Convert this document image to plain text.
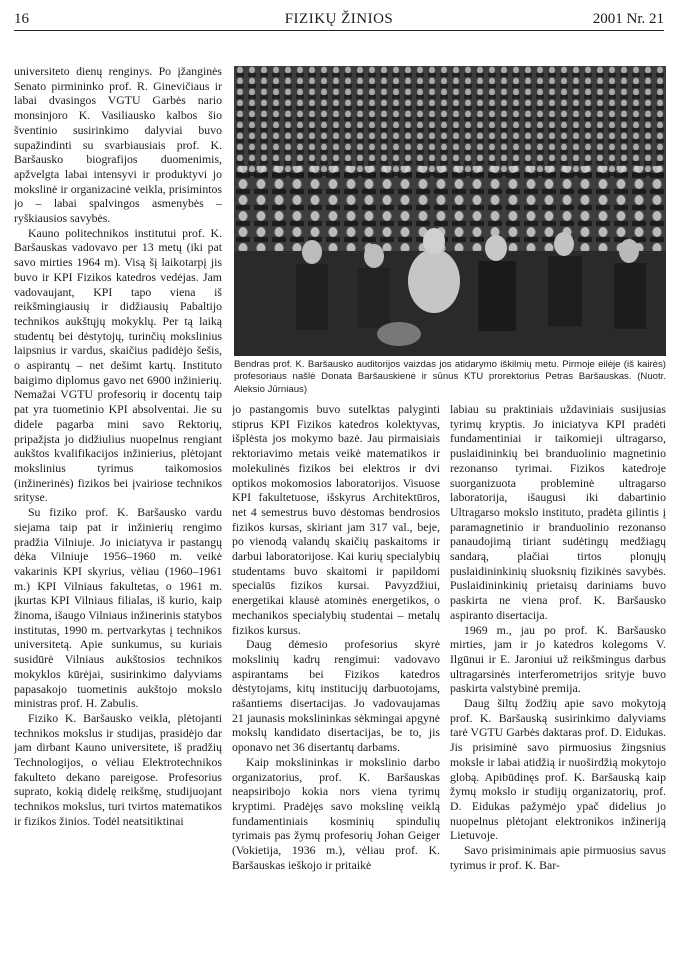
16	FIZIKŲ ŽINIOS	2001 Nr. 21

universiteto dienų renginys. Po įžanginės Senato pirmininko prof. R. Ginevičiaus ir labai dvasingos VGTU Garbės nario monsinjoro K. Vasiliausko kalbos šio šventinio susirinkimo dalyviai buvo supažindinti su svarbiausiais prof. K. Baršausko biografijos duomenimis, apžvelgta labai intensyvi ir produktyvi jo mokslinė ir organizacinė veikla, prisimintos jo – labai spalvingos asmenybės – ryškiausios savybės.

Kauno politechnikos institutui prof. K. Baršauskas vadovavo per 13 metų (iki pat savo mirties 1964 m). Visą šį laikotarpį jis buvo ir KPI Fizikos katedros vedėjas. Jam vadovaujant, KPI tapo viena iš reikšmingiausių ir didžiausių Pabaltijo technikos aukštųjų mokyklų. Per tą laiką studentų bei dėstytojų, turinčių mokslinius laipsnius ir vardus, skaičius padidėjo šešis, o aspirantų – net dešimt kartų. Instituto baigimo diplomus gavo net 6900 inžinierių. Nemažai VGTU profesorių ir docentų taip pat yra tuometinio KPI absolventai. Jie su didele pagarba mini savo Rektorių, pripažįsta jo didžiulius nuopelnus rengiant aukštos kvalifikacijos inžinierius, plėtojant mokslinius tyrimus taikomosios (inžinerinės) fizikos bei įvairiose technikos srityse.

Su fiziko prof. K. Baršausko vardu siejama taip pat ir inžinierių rengimo pradžia Vilniuje. Jo iniciatyva ir pastangų dėka Vilniuje 1956–1960 m. veikė vakarinis KPI skyrius, vėliau (1960–1961 m.) KPI Vilniaus fakultetas, o 1961 m. įkurtas KPI Vilniaus filialas, iš kurio, kaip žinoma, išaugo Vilniaus inžinerinis statybos institutas, 1990 m. pertvarkytas į technikos universitetą. Apie sunkumus, su kuriais susidūrė Vilniaus aukštosios technikos mokyklos kūrėjai, susirinkimo dalyviams papasakojo tuometinis aukštojo mokslo ministras prof. H. Zabulis.

Fiziko K. Baršausko veikla, plėtojanti technikos mokslus ir studijas, prasidėjo dar jam dirbant Kauno universitete, iš pradžių Technologijos, o vėliau Elektrotechnikos fakulteto dekano pareigose. Profesorius suprato, kokią didelę reikšmę, studijuojant technikos mokslus, turi tvirtos matematikos ir fizikos žinios. Todėl neatsitiktinai

Bendras prof. K. Baršausko auditorijos vaizdas jos atidarymo iškilmių metu. Pirmoje eilėje (iš kairės) profesoriaus našlė Donata Baršauskienė ir sūnus KTU prorektorius Petras Baršauskas. (Nuotr. Aleksio Jūrniaus)

jo pastangomis buvo sutelktas palyginti stiprus KPI Fizikos katedros kolektyvas, išplėsta jos mokymo bazė. Jau pirmaisiais rektoriavimo metais veikė matematikos ir molekulinės fizikos bei elektros ir dvi optikos mokomosios laboratorijos. Visuose KPI fakultetuose, išskyrus Architektūros, net 4 semestrus buvo dėstomas bendrosios fizikos kursas, skiriant jam 317 val., beje, po vienodą valandų skaičių paskaitoms ir darbui laboratorijose. Kai kurių specialybių studentams buvo skaitomi ir papildomi specialūs fizikos kursai. Pavyzdžiui, energetikai klausė atominės energetikos, o mechanikos specialybių studentai – metalų fizikos kursus.

Daug dėmesio profesorius skyrė mokslinių kadrų rengimui: vadovavo aspirantams bei Fizikos katedros dėstytojams, kitų institucijų darbuotojams, rašantiems disertacijas. Jo vadovaujamas 21 jaunasis mokslininkas sėkmingai apgynė mokslų kandidato disertacijas, be to, jis oponavo net 36 disertantų darbams.

Kaip mokslininkas ir mokslinio darbo organizatorius, prof. K. Baršauskas neapsiribojo kokia nors viena tyrimų kryptimi. Pradėjęs savo mokslinę veiklą fundamentiniais kosminių spindulių tyrimais pas žymų profesorių Johan Geiger (Vokietija, 1936 m.), vėliau prof. K. Baršauskas ieškojo ir pritaikė

labiau su praktiniais uždaviniais susijusias tyrimų kryptis. Jo iniciatyva KPI pradėti fundamentiniai ir taikomieji ultragarso, puslaidininkių bei branduolinio magnetinio rezonanso tyrimai. Fizikos katedroje suorganizuota probleminė ultragarso laboratorija, išaugusi iki dabartinio Ultragarso mokslo instituto, pradėta gilintis į paramagnetinio ir branduolinio rezonanso panaudojimą tiriant sudėtingų medžiagų sandarą, plačiai tirtos plonųjų puslaidininkinių sluoksnių fizikinės savybės. Puslaidininkinių prietaisų dariniams buvo paskirta ne viena prof. K. Baršausko aspiranto disertacija.

1969 m., jau po prof. K. Baršausko mirties, jam ir jo katedros kolegoms V. Ilgūnui ir E. Jaroniui už reikšmingus darbus ultragarsinės interferometrijos srityje buvo paskirta valstybinė premija.

Daug šiltų žodžių apie savo mokytoją prof. K. Baršauską susirinkimo dalyviams tarė VGTU Garbės daktaras prof. D. Eidukas. Jis prisiminė savo pirmuosius žingsnius moksle ir labai atidžią ir nuoširdžią mokytojo globą. Apibūdinęs prof. K. Baršauską kaip žymų mokslo ir studijų organizatorių, prof. D. Eidukas pažymėjo ypač didelius jo nuopelnus plėtojant elektronikos inžineriją Lietuvoje.

Savo prisiminimais apie pirmuosius savus tyrimus ir prof. K. Bar-
